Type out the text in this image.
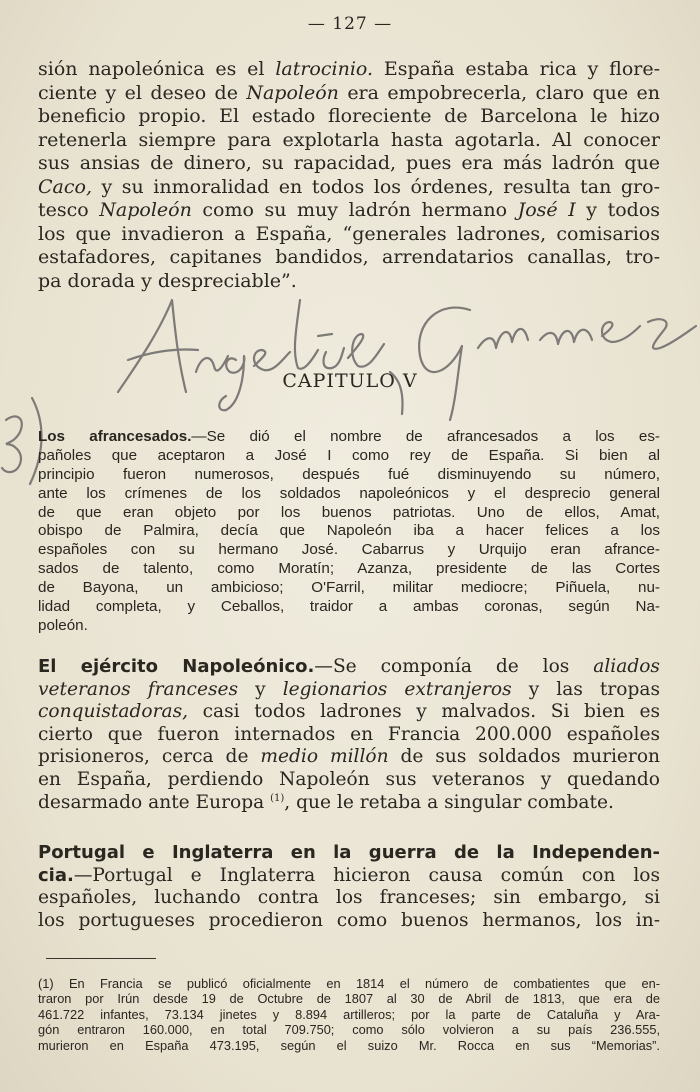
— 127 —
sión napoleónica es el latrocinio. España estaba rica y flore-
ciente y el deseo de Napoleón era empobrecerla, claro que en
beneficio propio. El estado floreciente de Barcelona le hizo
retenerla siempre para explotarla hasta agotarla. Al conocer
sus ansias de dinero, su rapacidad, pues era más ladrón que
Caco, y su inmoralidad en todos los órdenes, resulta tan gro-
tesco Napoleón como su muy ladrón hermano José I y todos
los que invadieron a España, “generales ladrones, comisarios
estafadores, capitanes bandidos, arrendatarios canallas, tro-
pa dorada y despreciable”.
CAPITULO V
Los afrancesados.—Se dió el nombre de afrancesados a los es-
pañoles que aceptaron a José I como rey de España. Si bien al
principio fueron numerosos, después fué disminuyendo su número,
ante los crímenes de los soldados napoleónicos y el desprecio general
de que eran objeto por los buenos patriotas. Uno de ellos, Amat,
obispo de Palmira, decía que Napoleón iba a hacer felices a los
españoles con su hermano José. Cabarrus y Urquijo eran afrance-
sados de talento, como Moratín; Azanza, presidente de las Cortes
de Bayona, un ambicioso; O'Farril, militar mediocre; Piñuela, nu-
lidad completa, y Ceballos, traidor a ambas coronas, según Na-
poleón.
El ejército Napoleónico.—Se componía de los aliados
veteranos franceses y legionarios extranjeros y las tropas
conquistadoras, casi todos ladrones y malvados. Si bien es
cierto que fueron internados en Francia 200.000 españoles
prisioneros, cerca de medio millón de sus soldados murieron
en España, perdiendo Napoleón sus veteranos y quedando
desarmado ante Europa $^{(1)}$, que le retaba a singular combate.
Portugal e Inglaterra en la guerra de la Independen-
cia.—Portugal e Inglaterra hicieron causa común con los
españoles, luchando contra los franceses; sin embargo, si
los portugueses procedieron como buenos hermanos, los in-
(1) En Francia se publicó oficialmente en 1814 el número de combatientes que en-
traron por Irún desde 19 de Octubre de 1807 al 30 de Abril de 1813, que era de
461.722 infantes, 73.134 jinetes y 8.894 artilleros; por la parte de Cataluña y Ara-
gón entraron 160.000, en total 709.750; como sólo volvieron a su país 236.555,
murieron en España 473.195, según el suizo Mr. Rocca en sus “Memorias”.
